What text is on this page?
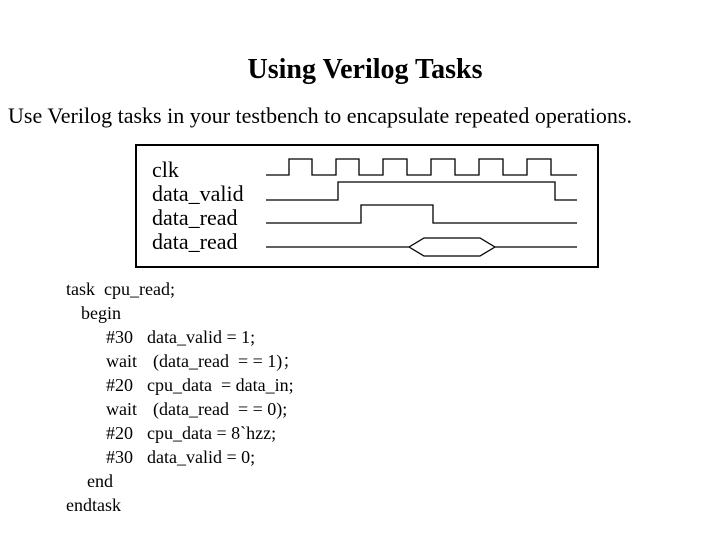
Using Verilog Tasks
Use Verilog tasks in your testbench to encapsulate repeated operations.
clk
data_valid
data_read
data_read
task  cpu_read;
begin
#30 data_valid = 1;
wait (data_read  = = 1)；
#20 cpu_data  = data_in;
wait (data_read  = = 0);
#20 cpu_data = 8`hzz;
#30 data_valid = 0;
end
endtask
